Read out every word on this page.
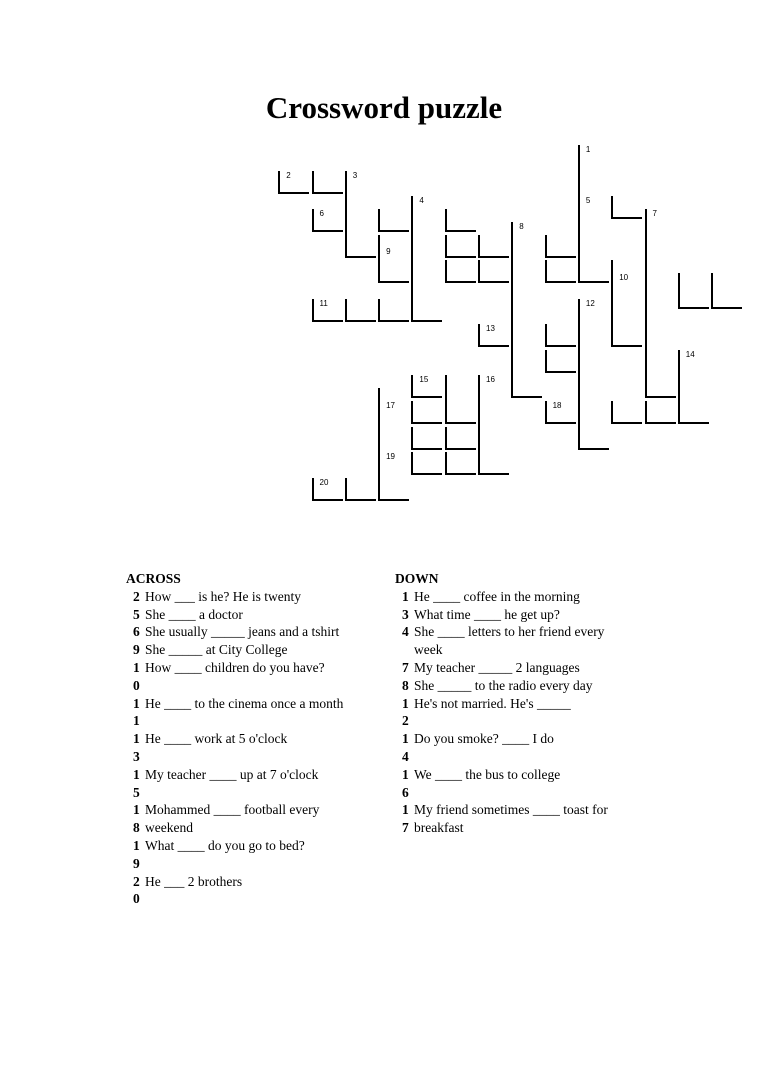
Crossword puzzle
1
2	3
4	5
6	7
8
9
10
11	12
13
14
15	16
17	18
19
20
ACROSS
2 How ___ is he? He is twenty
5 She ____ a doctor
6 She usually _____ jeans and a tshirt
9 She _____ at City College
1 How ____ children do you have?
0
1 He ____ to the cinema once a month
1
1 He ____ work at 5 o'clock
3
1 My teacher ____ up at 7 o'clock
5
1 Mohammed ____ football every
8 weekend
1 What ____ do you go to bed?
9
2 He ___ 2 brothers
0
DOWN
1 He ____ coffee in the morning
3 What time ____ he get up?
4 She ____ letters to her friend every
week
7 My teacher _____ 2 languages
8 She _____ to the radio every day
1 He's not married. He's _____
2
1 Do you smoke? ____ I do
4
1 We ____ the bus to college
6
1 My friend sometimes ____ toast for
7 breakfast
